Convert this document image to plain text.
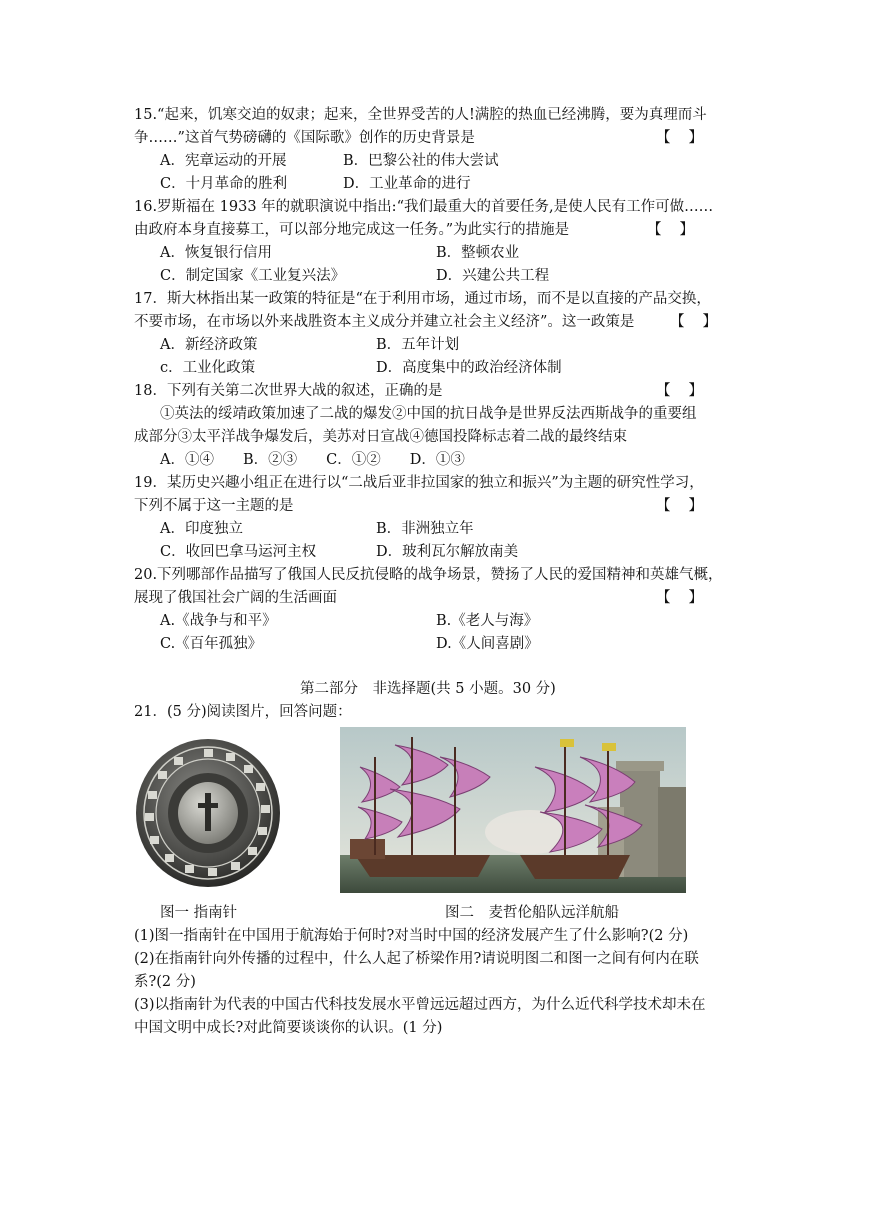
15.“起来，饥寒交迫的奴隶；起来，全世界受苦的人!满腔的热血已经沸腾，要为真理而斗
争……”这首气势磅礴的《国际歌》创作的历史背景是	【】
A．宪章运动的开展	B．巴黎公社的伟大尝试
C．十月革命的胜利	D．工业革命的进行
16.罗斯福在 1933 年的就职演说中指出:“我们最重大的首要任务,是使人民有工作可做……
由政府本身直接募工，可以部分地完成这一任务。”为此实行的措施是	【】
A．恢复银行信用	B．整顿农业
C．制定国家《工业复兴法》	D．兴建公共工程
17．斯大林指出某一政策的特征是“在于利用市场，通过市场，而不是以直接的产品交换，
不要市场，在市场以外来战胜资本主义成分并建立社会主义经济”。这一政策是 【】
A．新经济政策	B．五年计划
c．工业化政策	D．高度集中的政治经济体制
18．下列有关第二次世界大战的叙述，正确的是	【】
①英法的绥靖政策加速了二战的爆发②中国的抗日战争是世界反法西斯战争的重要组
成部分③太平洋战争爆发后，美苏对日宣战④德国投降标志着二战的最终结束
A．①④　　B．②③　　C．①②　　D．①③
19．某历史兴趣小组正在进行以“二战后亚非拉国家的独立和振兴”为主题的研究性学习，
下列不属于这一主题的是	【】
A．印度独立	B．非洲独立年
C．收回巴拿马运河主权	D．玻利瓦尔解放南美
20.下列哪部作品描写了俄国人民反抗侵略的战争场景，赞扬了人民的爱国精神和英雄气概，
展现了俄国社会广阔的生活画面	【】
A.《战争与和平》	B.《老人与海》
C.《百年孤独》	D.《人间喜剧》
第二部分　非选择题(共 5 小题。30 分)
21．(5 分)阅读图片，回答问题：
图一 指南针	图二　麦哲伦船队远洋航船
(1)图一指南针在中国用于航海始于何时?对当时中国的经济发展产生了什么影响?(2 分)
(2)在指南针向外传播的过程中，什么人起了桥梁作用?请说明图二和图一之间有何内在联
系?(2 分)
(3)以指南针为代表的中国古代科技发展水平曾远远超过西方，为什么近代科学技术却未在
中国文明中成长?对此简要谈谈你的认识。(1 分)
